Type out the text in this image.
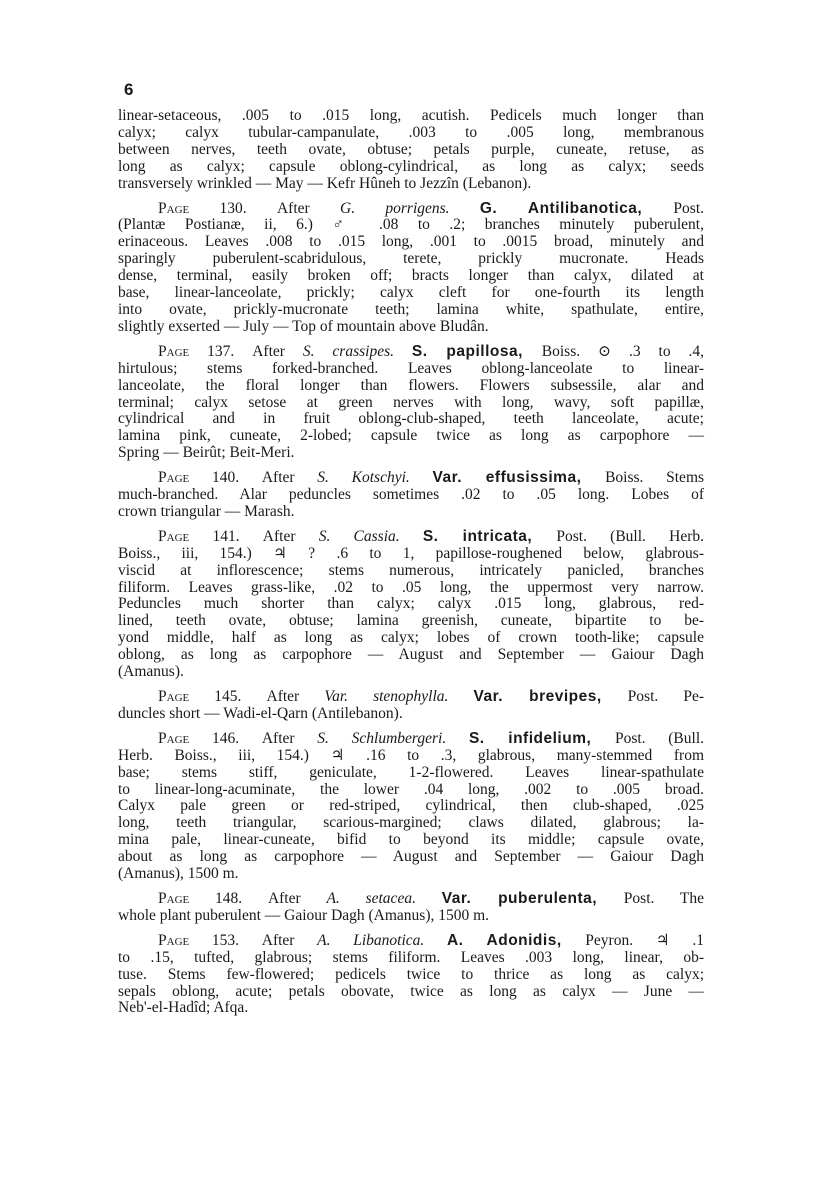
6
linear-setaceous, .005 to .015 long, acutish. Pedicels much longer than
calyx; calyx tubular-campanulate, .003 to .005 long, membranous
between nerves, teeth ovate, obtuse; petals purple, cuneate, retuse, as
long as calyx; capsule oblong-cylindrical, as long as calyx; seeds
transversely wrinkled — May — Kefr Hûneh to Jezzîn (Lebanon).
Page 130. After G. porrigens. G. Antilibanotica, Post.
(Plantæ Postianæ, ii, 6.) ♂ .08 to .2; branches minutely puberulent,
erinaceous. Leaves .008 to .015 long, .001 to .0015 broad, minutely and
sparingly puberulent-scabridulous, terete, prickly mucronate. Heads
dense, terminal, easily broken off; bracts longer than calyx, dilated at
base, linear-lanceolate, prickly; calyx cleft for one-fourth its length
into ovate, prickly-mucronate teeth; lamina white, spathulate, entire,
slightly exserted — July — Top of mountain above Bludân.
Page 137. After S. crassipes. S. papillosa, Boiss. ⊙ .3 to .4,
hirtulous; stems forked-branched. Leaves oblong-lanceolate to linear-
lanceolate, the floral longer than flowers. Flowers subsessile, alar and
terminal; calyx setose at green nerves with long, wavy, soft papillæ,
cylindrical and in fruit oblong-club-shaped, teeth lanceolate, acute;
lamina pink, cuneate, 2-lobed; capsule twice as long as carpophore —
Spring — Beirût; Beit-Meri.
Page 140. After S. Kotschyi. Var. effusissima, Boiss. Stems
much-branched. Alar peduncles sometimes .02 to .05 long. Lobes of
crown triangular — Marash.
Page 141. After S. Cassia. S. intricata, Post. (Bull. Herb.
Boiss., iii, 154.) ♃ ? .6 to 1, papillose-roughened below, glabrous-
viscid at inflorescence; stems numerous, intricately panicled, branches
filiform. Leaves grass-like, .02 to .05 long, the uppermost very narrow.
Peduncles much shorter than calyx; calyx .015 long, glabrous, red-
lined, teeth ovate, obtuse; lamina greenish, cuneate, bipartite to be-
yond middle, half as long as calyx; lobes of crown tooth-like; capsule
oblong, as long as carpophore — August and September — Gaiour Dagh
(Amanus).
Page 145. After Var. stenophylla. Var. brevipes, Post. Pe-
duncles short — Wadi-el-Qarn (Antilebanon).
Page 146. After S. Schlumbergeri. S. infidelium, Post. (Bull.
Herb. Boiss., iii, 154.) ♃ .16 to .3, glabrous, many-stemmed from
base; stems stiff, geniculate, 1-2-flowered. Leaves linear-spathulate
to linear-long-acuminate, the lower .04 long, .002 to .005 broad.
Calyx pale green or red-striped, cylindrical, then club-shaped, .025
long, teeth triangular, scarious-margined; claws dilated, glabrous; la-
mina pale, linear-cuneate, bifid to beyond its middle; capsule ovate,
about as long as carpophore — August and September — Gaiour Dagh
(Amanus), 1500 m.
Page 148. After A. setacea. Var. puberulenta, Post. The
whole plant puberulent — Gaiour Dagh (Amanus), 1500 m.
Page 153. After A. Libanotica. A. Adonidis, Peyron. ♃ .1
to .15, tufted, glabrous; stems filiform. Leaves .003 long, linear, ob-
tuse. Stems few-flowered; pedicels twice to thrice as long as calyx;
sepals oblong, acute; petals obovate, twice as long as calyx — June —
Neb'-el-Hadîd; Afqa.
